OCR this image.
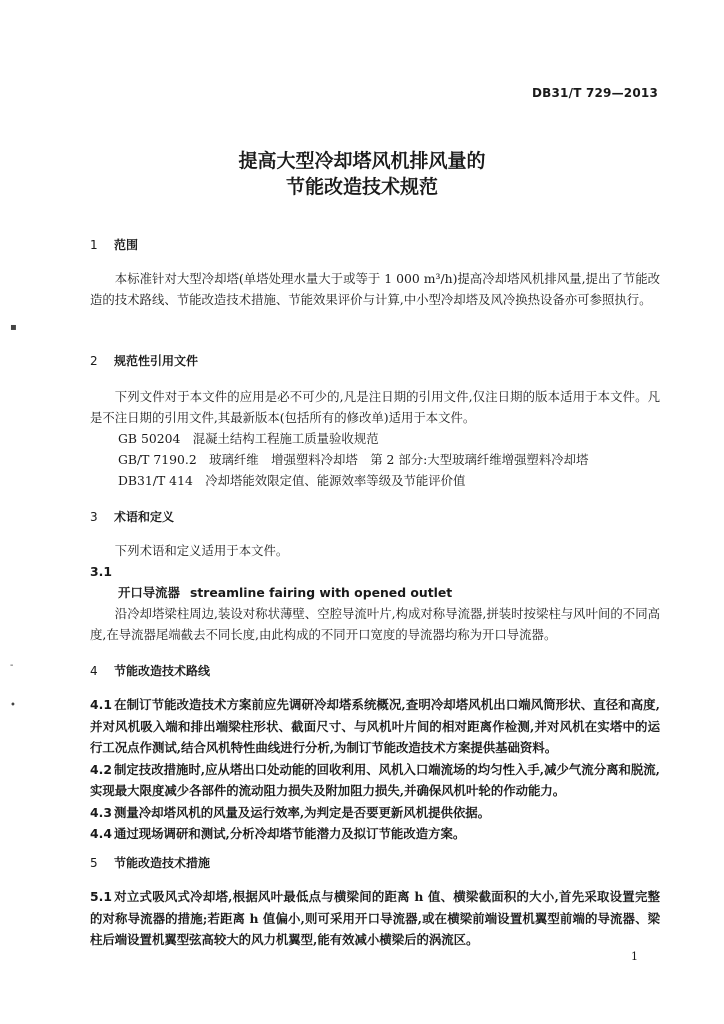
▪
-
•
DB31/T 729—2013
提高大型冷却塔风机排风量的
节能改造技术规范
1 范围

本标准针对大型冷却塔(单塔处理水量大于或等于 1 000 m³/h)提高冷却塔风机排风量,提出了节能改造的技术路线、节能改造技术措施、节能效果评价与计算,中小型冷却塔及风冷换热设备亦可参照执行。

2 规范性引用文件

下列文件对于本文件的应用是必不可少的,凡是注日期的引用文件,仅注日期的版本适用于本文件。凡是不注日期的引用文件,其最新版本(包括所有的修改单)适用于本文件。

GB 50204　混凝土结构工程施工质量验收规范

GB/T 7190.2　玻璃纤维　增强塑料冷却塔　第 2 部分:大型玻璃纤维增强塑料冷却塔

DB31/T 414　冷却塔能效限定值、能源效率等级及节能评价值

3 术语和定义

下列术语和定义适用于本文件。

3.1

开口导流器 streamline fairing with opened outlet

沿冷却塔梁柱周边,装设对称状薄壁、空腔导流叶片,构成对称导流器,拼装时按梁柱与风叶间的不同高度,在导流器尾端截去不同长度,由此构成的不同开口宽度的导流器均称为开口导流器。

4 节能改造技术路线

4.1 在制订节能改造技术方案前应先调研冷却塔系统概况,查明冷却塔风机出口端风筒形状、直径和高度,并对风机吸入端和排出端梁柱形状、截面尺寸、与风机叶片间的相对距离作检测,并对风机在实塔中的运行工况点作测试,结合风机特性曲线进行分析,为制订节能改造技术方案提供基础资料。

4.2 制定技改措施时,应从塔出口处动能的回收利用、风机入口端流场的均匀性入手,减少气流分离和脱流,实现最大限度减少各部件的流动阻力损失及附加阻力损失,并确保风机叶轮的作动能力。

4.3 测量冷却塔风机的风量及运行效率,为判定是否要更新风机提供依据。

4.4 通过现场调研和测试,分析冷却塔节能潜力及拟订节能改造方案。

5 节能改造技术措施

5.1 对立式吸风式冷却塔,根据风叶最低点与横梁间的距离 h 值、横梁截面积的大小,首先采取设置完整的对称导流器的措施;若距离 h 值偏小,则可采用开口导流器,或在横梁前端设置机翼型前端的导流器、梁柱后端设置机翼型弦高较大的风力机翼型,能有效减小横梁后的涡流区。

1
